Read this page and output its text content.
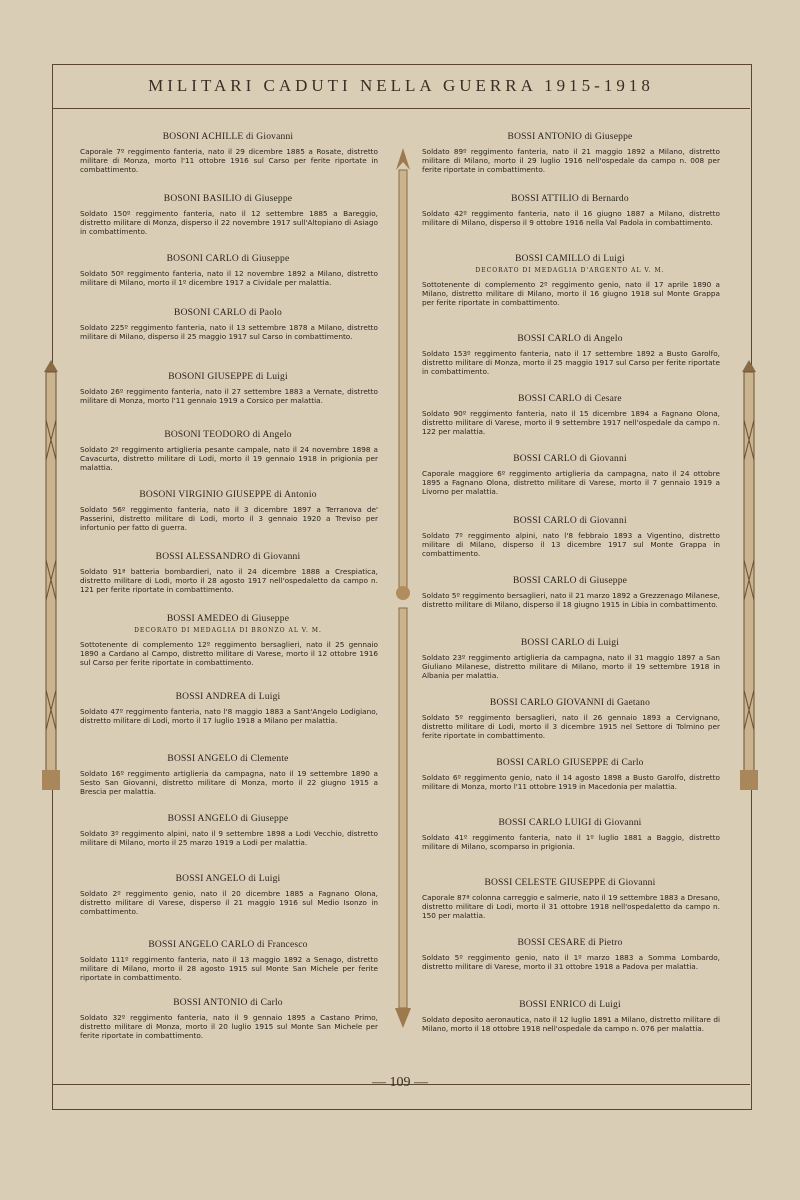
MILITARI CADUTI NELLA GUERRA 1915-1918
BOSONI ACHILLE di Giovanni
Caporale 7º reggimento fanteria, nato il 29 dicembre 1885 a Rosate, distretto militare di Monza, morto l'11 ottobre 1916 sul Carso per ferite riportate in combattimento.
BOSONI BASILIO di Giuseppe
Soldato 150º reggimento fanteria, nato il 12 settembre 1885 a Bareggio, distretto militare di Monza, disperso il 22 novembre 1917 sull'Altopiano di Asiago in combattimento.
BOSONI CARLO di Giuseppe
Soldato 50º reggimento fanteria, nato il 12 novembre 1892 a Milano, distretto militare di Milano, morto il 1º dicembre 1917 a Cividale per malattia.
BOSONI CARLO di Paolo
Soldato 225º reggimento fanteria, nato il 13 settembre 1878 a Milano, distretto militare di Milano, disperso il 25 maggio 1917 sul Carso in combattimento.
BOSONI GIUSEPPE di Luigi
Soldato 26º reggimento fanteria, nato il 27 settembre 1883 a Vernate, distretto militare di Monza, morto l'11 gennaio 1919 a Corsico per malattia.
BOSONI TEODORO di Angelo
Soldato 2º reggimento artiglieria pesante campale, nato il 24 novembre 1898 a Cavacurta, distretto militare di Lodi, morto il 19 gennaio 1918 in prigionia per malattia.
BOSONI VIRGINIO GIUSEPPE di Antonio
Soldato 56º reggimento fanteria, nato il 3 dicembre 1897 a Terranova de' Passerini, distretto militare di Lodi, morto il 3 gennaio 1920 a Treviso per infortunio per fatto di guerra.
BOSSI ALESSANDRO di Giovanni
Soldato 91ª batteria bombardieri, nato il 24 dicembre 1888 a Crespiatica, distretto militare di Lodi, morto il 28 agosto 1917 nell'ospedaletto da campo n. 121 per ferite riportate in combattimento.
BOSSI AMEDEO di Giuseppe
DECORATO DI MEDAGLIA DI BRONZO AL V. M.
Sottotenente di complemento 12º reggimento bersaglieri, nato il 25 gennaio 1890 a Cardano al Campo, distretto militare di Varese, morto il 12 ottobre 1916 sul Carso per ferite riportate in combattimento.
BOSSI ANDREA di Luigi
Soldato 47º reggimento fanteria, nato l'8 maggio 1883 a Sant'Angelo Lodigiano, distretto militare di Lodi, morto il 17 luglio 1918 a Milano per malattia.
BOSSI ANGELO di Clemente
Soldato 16º reggimento artiglieria da campagna, nato il 19 settembre 1890 a Sesto San Giovanni, distretto militare di Monza, morto il 22 giugno 1915 a Brescia per malattia.
BOSSI ANGELO di Giuseppe
Soldato 3º reggimento alpini, nato il 9 settembre 1898 a Lodi Vecchio, distretto militare di Milano, morto il 25 marzo 1919 a Lodi per malattia.
BOSSI ANGELO di Luigi
Soldato 2º reggimento genio, nato il 20 dicembre 1885 a Fagnano Olona, distretto militare di Varese, disperso il 21 maggio 1916 sul Medio Isonzo in combattimento.
BOSSI ANGELO CARLO di Francesco
Soldato 111º reggimento fanteria, nato il 13 maggio 1892 a Senago, distretto militare di Milano, morto il 28 agosto 1915 sul Monte San Michele per ferite riportate in combattimento.
BOSSI ANTONIO di Carlo
Soldato 32º reggimento fanteria, nato il 9 gennaio 1895 a Castano Primo, distretto militare di Monza, morto il 20 luglio 1915 sul Monte San Michele per ferite riportate in combattimento.
BOSSI ANTONIO di Giuseppe
Soldato 89º reggimento fanteria, nato il 21 maggio 1892 a Milano, distretto militare di Milano, morto il 29 luglio 1916 nell'ospedale da campo n. 008 per ferite riportate in combattimento.
BOSSI ATTILIO di Bernardo
Soldato 42º reggimento fanteria, nato il 16 giugno 1887 a Milano, distretto militare di Milano, disperso il 9 ottobre 1916 nella Val Padola in combattimento.
BOSSI CAMILLO di Luigi
DECORATO DI MEDAGLIA D'ARGENTO AL V. M.
Sottotenente di complemento 2º reggimento genio, nato il 17 aprile 1890 a Milano, distretto militare di Milano, morto il 16 giugno 1918 sul Monte Grappa per ferite riportate in combattimento.
BOSSI CARLO di Angelo
Soldato 153º reggimento fanteria, nato il 17 settembre 1892 a Busto Garolfo, distretto militare di Monza, morto il 25 maggio 1917 sul Carso per ferite riportate in combattimento.
BOSSI CARLO di Cesare
Soldato 90º reggimento fanteria, nato il 15 dicembre 1894 a Fagnano Olona, distretto militare di Varese, morto il 9 settembre 1917 nell'ospedale da campo n. 122 per malattia.
BOSSI CARLO di Giovanni
Caporale maggiore 6º reggimento artiglieria da campagna, nato il 24 ottobre 1895 a Fagnano Olona, distretto militare di Varese, morto il 7 gennaio 1919 a Livorno per malattia.
BOSSI CARLO di Giovanni
Soldato 7º reggimento alpini, nato l'8 febbraio 1893 a Vigentino, distretto militare di Milano, disperso il 13 dicembre 1917 sul Monte Grappa in combattimento.
BOSSI CARLO di Giuseppe
Soldato 5º reggimento bersaglieri, nato il 21 marzo 1892 a Grezzenago Milanese, distretto militare di Milano, disperso il 18 giugno 1915 in Libia in combattimento.
BOSSI CARLO di Luigi
Soldato 23º reggimento artiglieria da campagna, nato il 31 maggio 1897 a San Giuliano Milanese, distretto militare di Milano, morto il 19 settembre 1918 in Albania per malattia.
BOSSI CARLO GIOVANNI di Gaetano
Soldato 5º reggimento bersaglieri, nato il 26 gennaio 1893 a Cervignano, distretto militare di Lodi, morto il 3 dicembre 1915 nel Settore di Tolmino per ferite riportate in combattimento.
BOSSI CARLO GIUSEPPE di Carlo
Soldato 6º reggimento genio, nato il 14 agosto 1898 a Busto Garolfo, distretto militare di Monza, morto l'11 ottobre 1919 in Macedonia per malattia.
BOSSI CARLO LUIGI di Giovanni
Soldato 41º reggimento fanteria, nato il 1º luglio 1881 a Baggio, distretto militare di Milano, scomparso in prigionia.
BOSSI CELESTE GIUSEPPE di Giovanni
Caporale 87ª colonna carreggio e salmerie, nato il 19 settembre 1883 a Dresano, distretto militare di Lodi, morto il 31 ottobre 1918 nell'ospedaletto da campo n. 150 per malattia.
BOSSI CESARE di Pietro
Soldato 5º reggimento genio, nato il 1º marzo 1883 a Somma Lombardo, distretto militare di Varese, morto il 31 ottobre 1918 a Padova per malattia.
BOSSI ENRICO di Luigi
Soldato deposito aeronautica, nato il 12 luglio 1891 a Milano, distretto militare di Milano, morto il 18 ottobre 1918 nell'ospedale da campo n. 076 per malattia.
— 109 —
